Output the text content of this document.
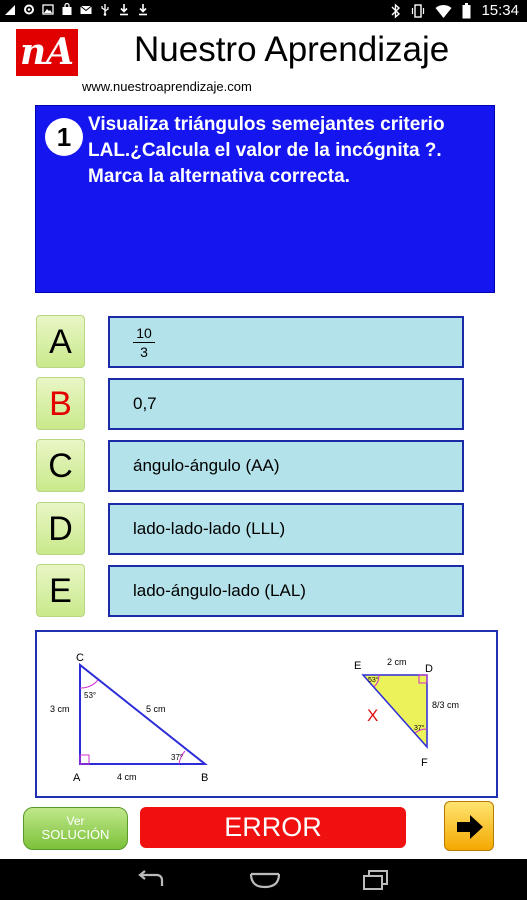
15:34
nA Nuestro Aprendizaje
www.nuestroaprendizaje.com
1 Visualiza triángulos semejantes criterio LAL.¿Calcula el valor de la incógnita ?. Marca la alternativa correcta.
A	$\frac{10}{3}$
B	0,7
C	ángulo-ángulo (AA)
D	lado-lado-lado (LLL)
E	lado-ángulo-lado (LAL)
C
A	B
3 cm	5 cm
4 cm
53°
37°
E	D
F
2 cm
8/3 cm
X
53°
37°
Ver
SOLUCIÓN	ERROR
